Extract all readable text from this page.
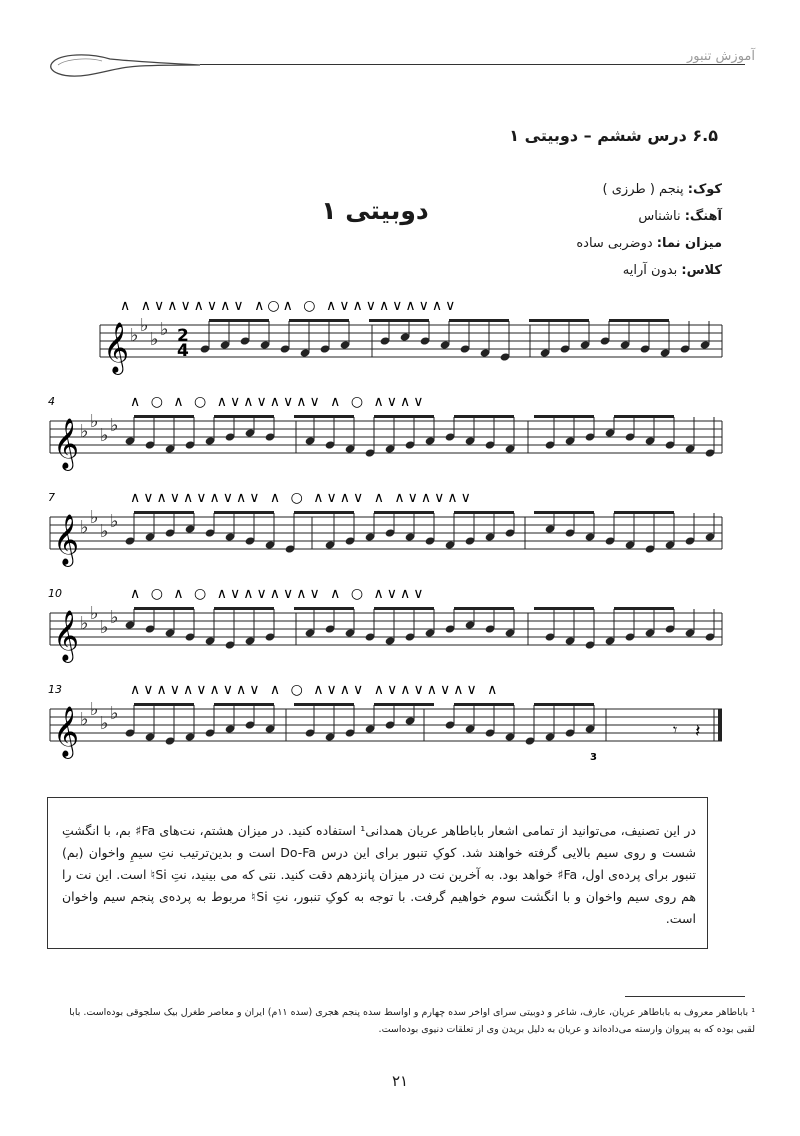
آموزش تنبور
۶.۵ درس ششم – دوبیتی ۱
کوک: پنجم ( طرزی )
آهنگ: ناشناس
میزان نما: دوضربی ساده
کلاس: بدون آرایه
دوبیتی ۱
𝄞 ♭ ♭
♭ ♭ 2
4
∧ ∧∨∧∨∧∨∧∨ ∧○∧ ○ ∧∨∧∨∧∨∧∨∧∨
4
𝄞 ♭ ♭
♭ ♭
∧ ○ ∧ ○ ∧∨∧∨∧∨∧∨ ∧ ○ ∧∨∧∨
7
𝄞 ♭ ♭
♭ ♭
∧∨∧∨∧∨∧∨∧∨ ∧ ○ ∧∨∧∨ ∧ ∧∨∧∨∧∨
10
𝄞 ♭ ♭
♭ ♭
∧ ○ ∧ ○ ∧∨∧∨∧∨∧∨ ∧ ○ ∧∨∧∨
13
𝄞 ♭ ♭
♭ ♭
∧∨∧∨∧∨∧∨∧∨ ∧ ○ ∧∨∧∨ ∧∨∧∨∧∨∧∨ ∧
𝄾 𝄽
3
در این تصنیف، می‌توانید از تمامی اشعار باباطاهر عریان همدانی¹ استفاده کنید. در میزان هشتم، نت‌های Fa♯ بم، با انگشتِ شست و روی سیم بالایی گرفته خواهند شد. کوکِ تنبور برای این درس Do-Fa است و بدین‌ترتیب نتِ سیمِ واخوان (بم) تنبور برای پرده‌ی اول، Fa♯ خواهد بود. به آخرین نت در میزان پانزدهم دقت کنید. نتی که می بینید، نتِ Si♮ است. این نت را هم روی سیم واخوان و با انگشت سوم خواهیم گرفت. با توجه به کوکِ تنبور، نتِ Si♮ مربوط به پرده‌ی پنجم سیم واخوان است.
¹ باباطاهر معروف به باباطاهر عریان، عارف، شاعر و دوبیتی سرای اواخر سده چهارم و اواسط سده پنجم هجری (سده ۱۱م) ایران و معاصر طغرل بیک سلجوقی بوده‌است. بابا لقبی بوده که به پیروان وارسته می‌داده‌اند و عریان به دلیل بریدن وی از تعلقات دنیوی بوده‌است.
۲۱
